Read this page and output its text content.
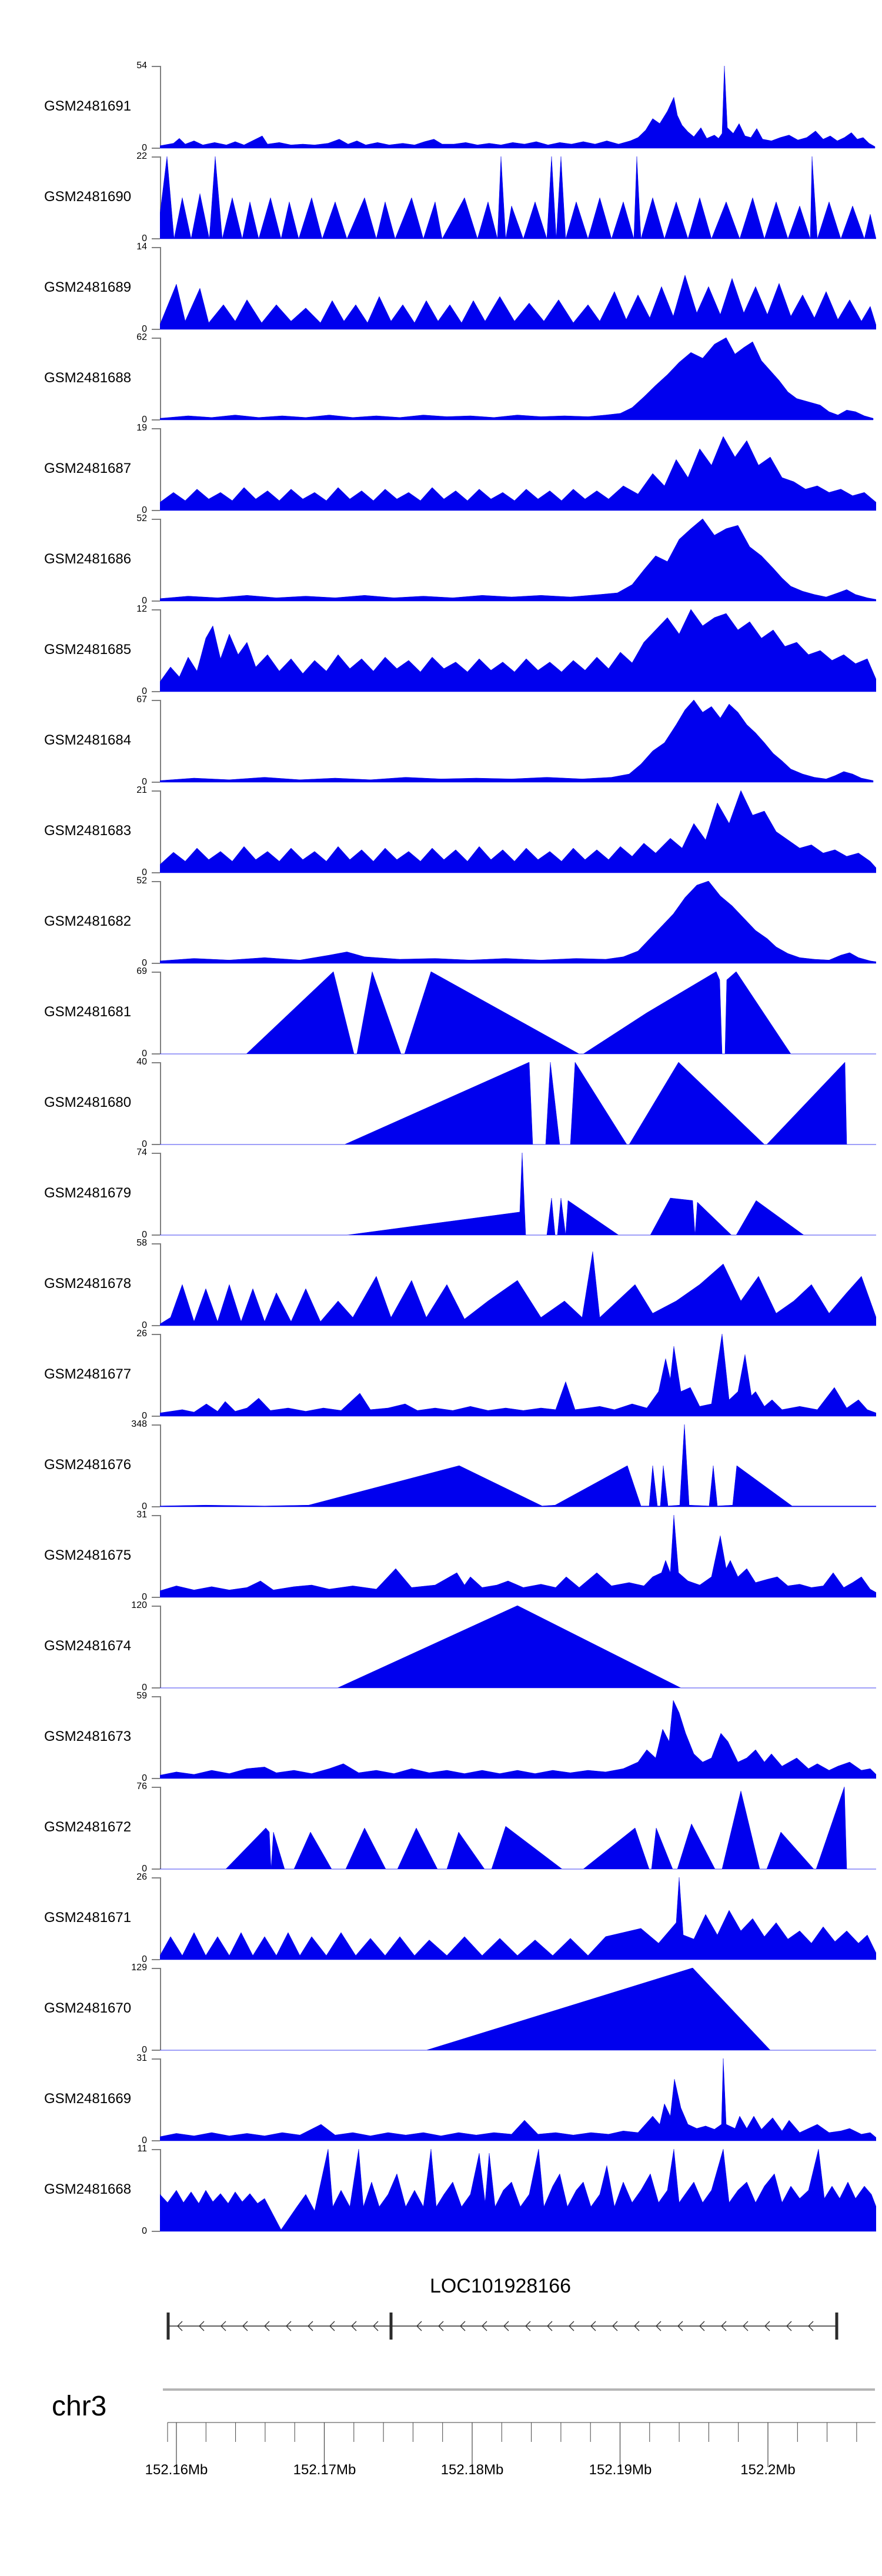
GSM2481691
54
0
GSM2481690
22
0
GSM2481689
14
0
GSM2481688
62
0
GSM2481687
19
0
GSM2481686
52
0
GSM2481685
12
0
GSM2481684
67
0
GSM2481683
21
0
GSM2481682
52
0
GSM2481681
69
0
GSM2481680
40
0
GSM2481679
74
0
GSM2481678
58
0
GSM2481677
26
0
GSM2481676
348
0
GSM2481675
31
0
GSM2481674
120
0
GSM2481673
59
0
GSM2481672
76
0
GSM2481671
26
0
GSM2481670
129
0
GSM2481669
31
0
GSM2481668
11
0
LOC101928166
chr3
152.16Mb	152.17Mb	152.18Mb	152.19Mb	152.2Mb
